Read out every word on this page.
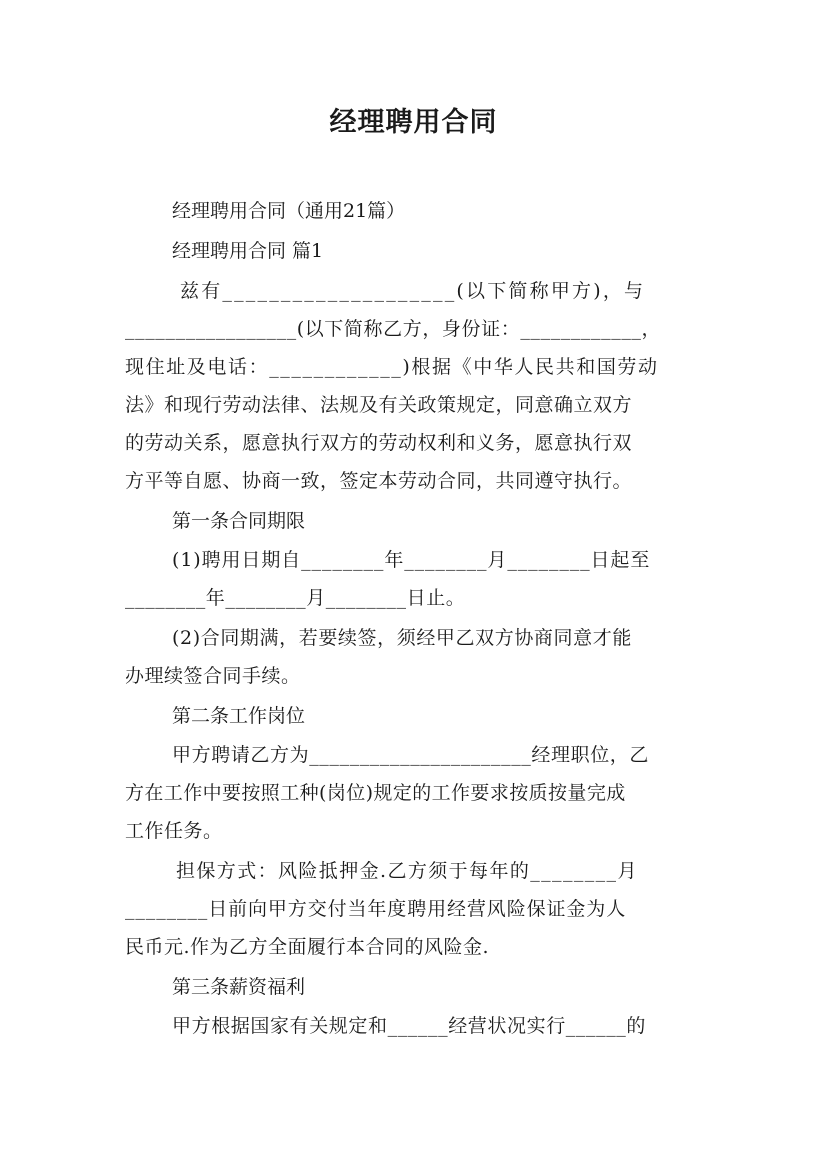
经理聘用合同

经理聘用合同（通用21篇）

经理聘用合同 篇1

兹有____________________(以下简称甲方)，与

_________________(以下简称乙方，身份证：____________，

现住址及电话：____________)根据《中华人民共和国劳动

法》和现行劳动法律、法规及有关政策规定，同意确立双方

的劳动关系，愿意执行双方的劳动权利和义务，愿意执行双

方平等自愿、协商一致，签定本劳动合同，共同遵守执行。

第一条合同期限

(1)聘用日期自________年________月________日起至

________年________月________日止。

(2)合同期满，若要续签，须经甲乙双方协商同意才能

办理续签合同手续。

第二条工作岗位

甲方聘请乙方为______________________经理职位，乙

方在工作中要按照工种(岗位)规定的工作要求按质按量完成

工作任务。

担保方式：风险抵押金.乙方须于每年的________月

________日前向甲方交付当年度聘用经营风险保证金为人

民币元.作为乙方全面履行本合同的风险金.

第三条薪资福利

甲方根据国家有关规定和______经营状况实行______的
